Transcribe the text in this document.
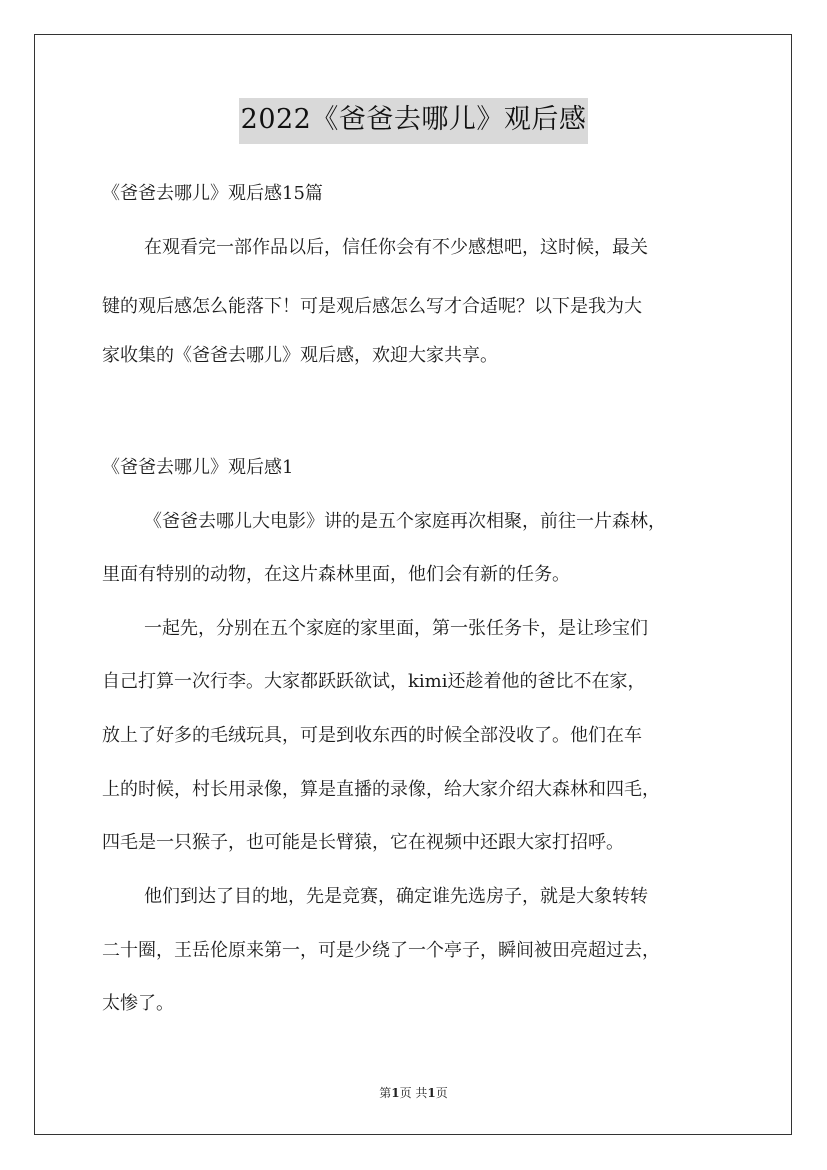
2022《爸爸去哪儿》观后感
《爸爸去哪儿》观后感15篇
在观看完一部作品以后，信任你会有不少感想吧，这时候，最关
键的观后感怎么能落下！可是观后感怎么写才合适呢？以下是我为大
家收集的《爸爸去哪儿》观后感，欢迎大家共享。
《爸爸去哪儿》观后感1
《爸爸去哪儿大电影》讲的是五个家庭再次相聚，前往一片森林，
里面有特别的动物，在这片森林里面，他们会有新的任务。
一起先，分别在五个家庭的家里面，第一张任务卡，是让珍宝们
自己打算一次行李。大家都跃跃欲试，kimi还趁着他的爸比不在家，
放上了好多的毛绒玩具，可是到收东西的时候全部没收了。他们在车
上的时候，村长用录像，算是直播的录像，给大家介绍大森林和四毛，
四毛是一只猴子，也可能是长臂猿，它在视频中还跟大家打招呼。
他们到达了目的地，先是竞赛，确定谁先选房子，就是大象转转
二十圈，王岳伦原来第一，可是少绕了一个亭子，瞬间被田亮超过去，
太惨了。
第1页 共1页
